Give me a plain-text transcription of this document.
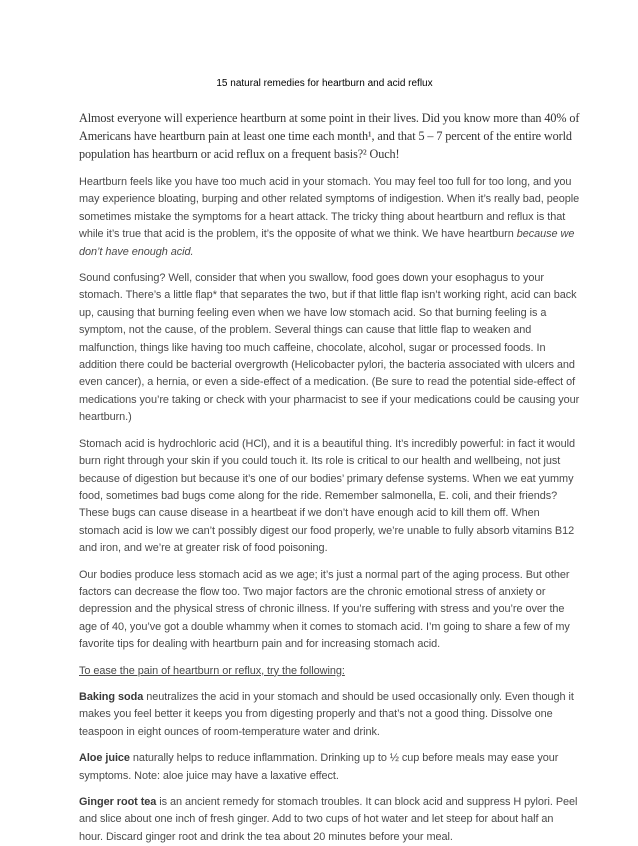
15 natural remedies for heartburn and acid reflux

Almost everyone will experience heartburn at some point in their lives. Did you know more than 40% of Americans have heartburn pain at least one time each month¹, and that 5 – 7 percent of the entire world population has heartburn or acid reflux on a frequent basis?² Ouch!

Heartburn feels like you have too much acid in your stomach. You may feel too full for too long, and you may experience bloating, burping and other related symptoms of indigestion. When it’s really bad, people sometimes mistake the symptoms for a heart attack. The tricky thing about heartburn and reflux is that while it’s true that acid is the problem, it’s the opposite of what we think. We have heartburn because we don’t have enough acid.

Sound confusing? Well, consider that when you swallow, food goes down your esophagus to your stomach. There’s a little flap* that separates the two, but if that little flap isn’t working right, acid can back up, causing that burning feeling even when we have low stomach acid. So that burning feeling is a symptom, not the cause, of the problem. Several things can cause that little flap to weaken and malfunction, things like having too much caffeine, chocolate, alcohol, sugar or processed foods. In addition there could be bacterial overgrowth (Helicobacter pylori, the bacteria associated with ulcers and even cancer), a hernia, or even a side-effect of a medication. (Be sure to read the potential side-effect of medications you’re taking or check with your pharmacist to see if your medications could be causing your heartburn.)

Stomach acid is hydrochloric acid (HCl), and it is a beautiful thing. It’s incredibly powerful: in fact it would burn right through your skin if you could touch it. Its role is critical to our health and wellbeing, not just because of digestion but because it’s one of our bodies’ primary defense systems. When we eat yummy food, sometimes bad bugs come along for the ride. Remember salmonella, E. coli, and their friends? These bugs can cause disease in a heartbeat if we don’t have enough acid to kill them off. When stomach acid is low we can’t possibly digest our food properly, we’re unable to fully absorb vitamins B12 and iron, and we’re at greater risk of food poisoning.

Our bodies produce less stomach acid as we age; it’s just a normal part of the aging process. But other factors can decrease the flow too. Two major factors are the chronic emotional stress of anxiety or depression and the physical stress of chronic illness. If you’re suffering with stress and you’re over the age of 40, you’ve got a double whammy when it comes to stomach acid. I’m going to share a few of my favorite tips for dealing with heartburn pain and for increasing stomach acid.

To ease the pain of heartburn or reflux, try the following:

Baking soda neutralizes the acid in your stomach and should be used occasionally only. Even though it makes you feel better it keeps you from digesting properly and that’s not a good thing. Dissolve one teaspoon in eight ounces of room-temperature water and drink.

Aloe juice naturally helps to reduce inflammation. Drinking up to ½ cup before meals may ease your symptoms. Note: aloe juice may have a laxative effect.

Ginger root tea is an ancient remedy for stomach troubles. It can block acid and suppress H pylori. Peel and slice about one inch of fresh ginger. Add to two cups of hot water and let steep for about half an hour. Discard ginger root and drink the tea about 20 minutes before your meal.
